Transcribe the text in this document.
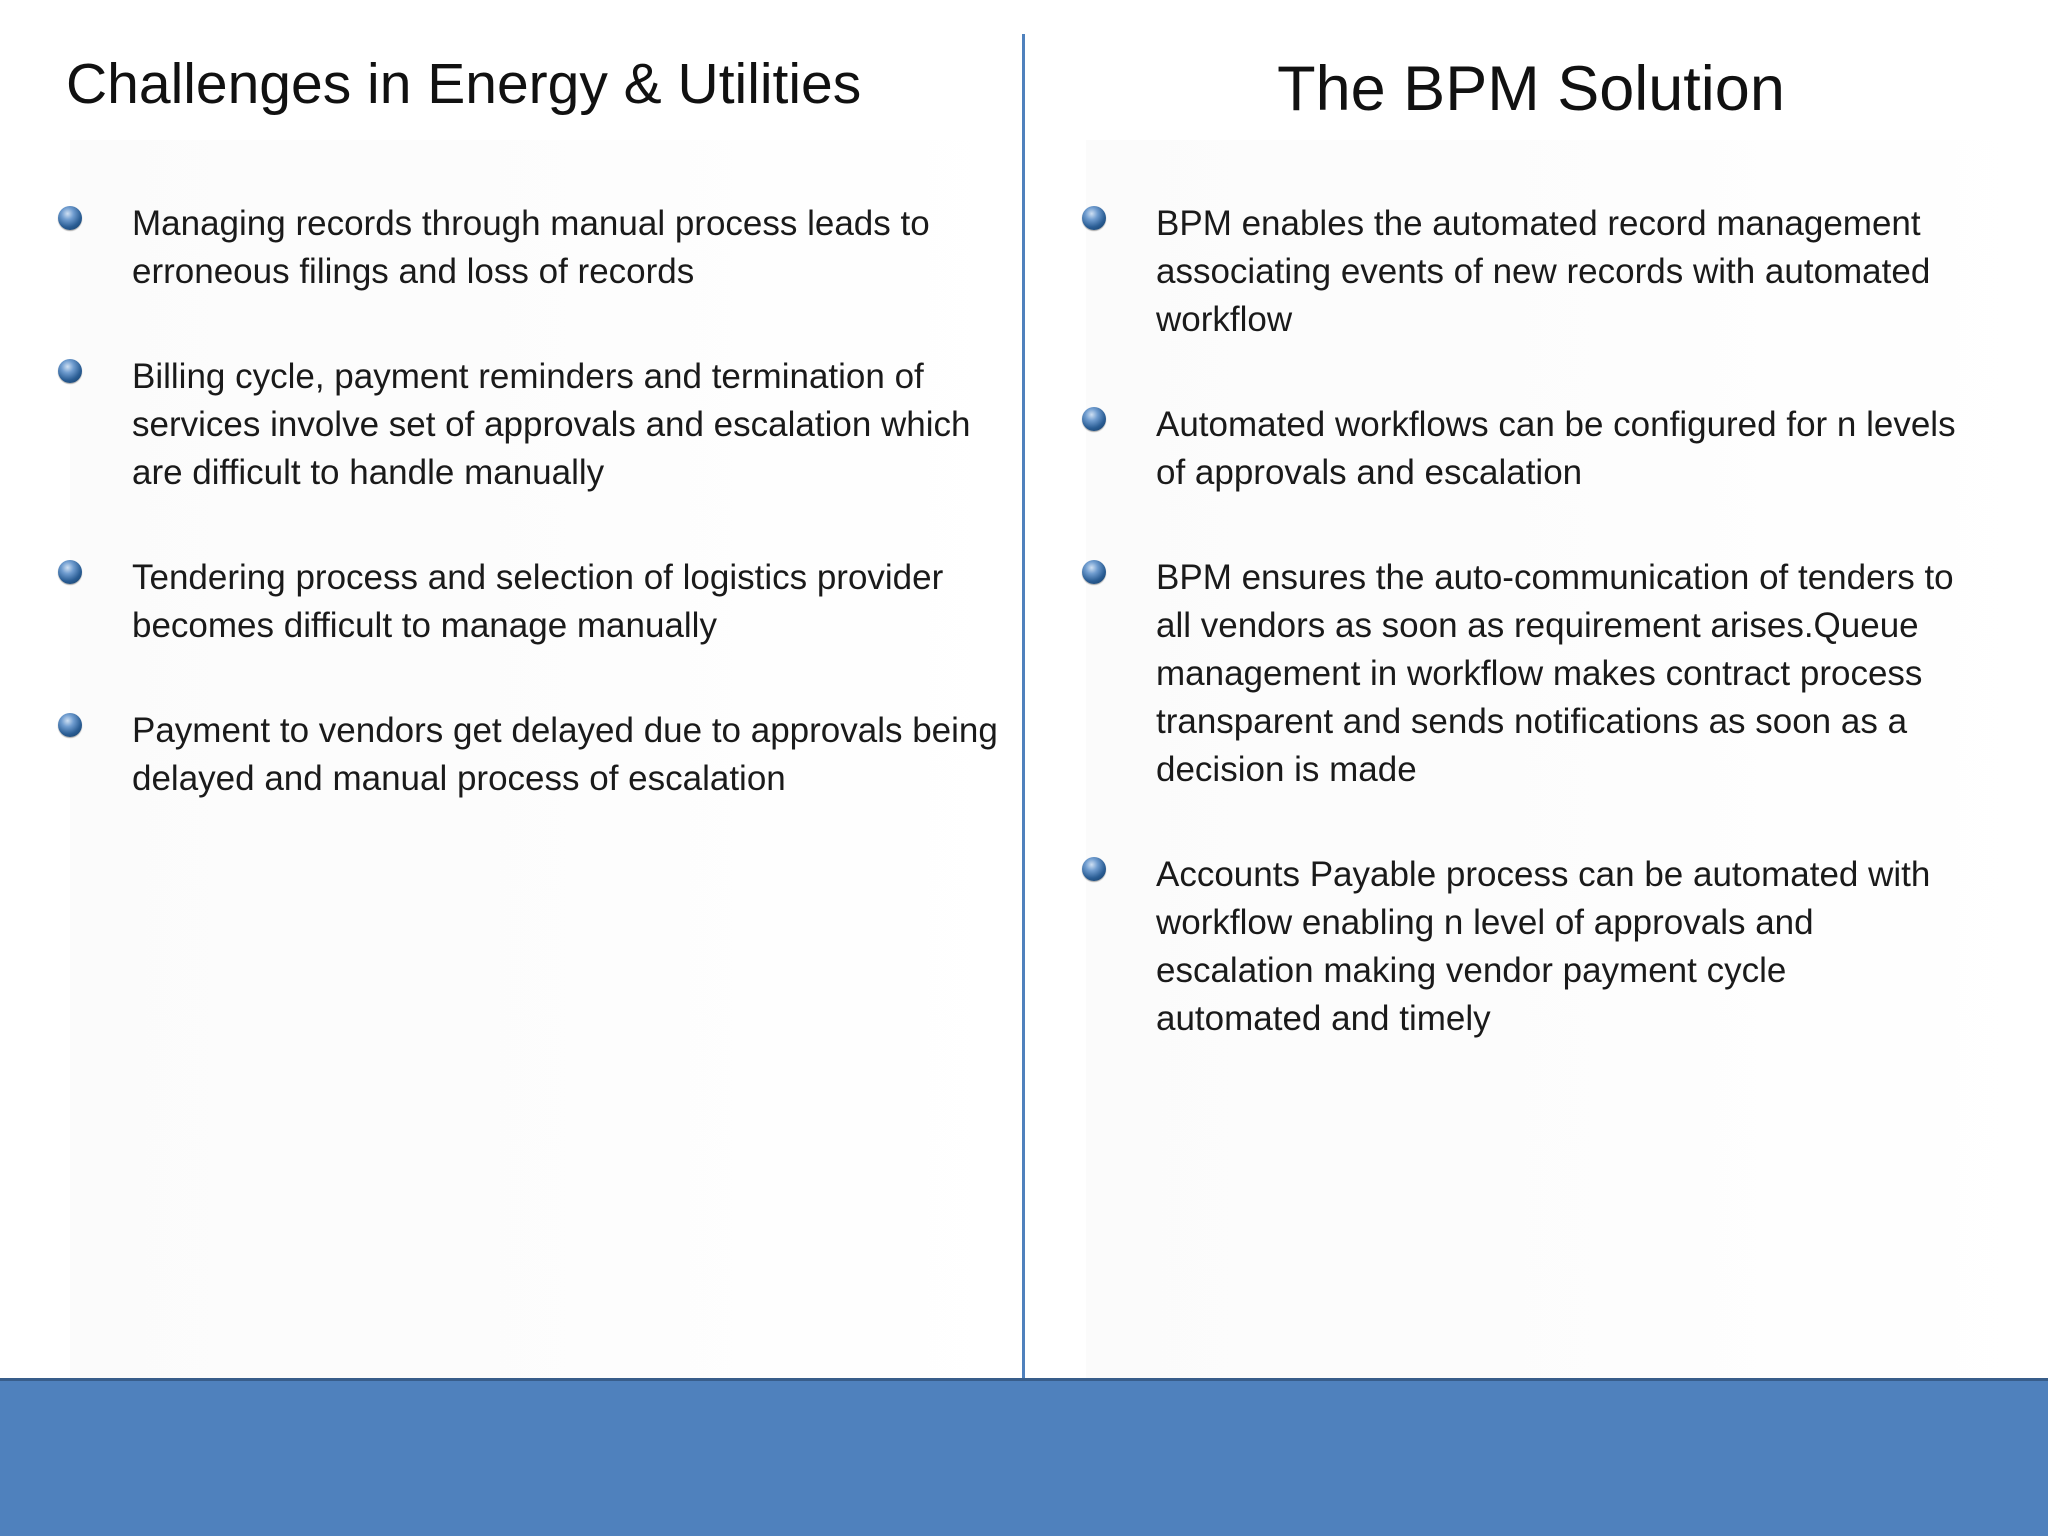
Challenges in Energy & Utilities
Managing records through manual process leads to erroneous filings and loss of records
Billing cycle, payment reminders and termination of services involve set of approvals and escalation which are difficult to handle manually
Tendering process and selection of logistics provider becomes difficult to manage manually
Payment to vendors get delayed due to approvals being delayed and manual process of escalation
The BPM Solution
BPM enables the automated record management associating events of new records with automated workflow
Automated workflows can be configured for n levels of approvals and escalation
BPM ensures the auto-communication of tenders to all vendors as soon as requirement arises.Queue management in workflow makes contract process transparent and sends notifications as soon as a decision is made
Accounts Payable process can be automated with workflow enabling n level of approvals and escalation making vendor payment cycle automated and timely
